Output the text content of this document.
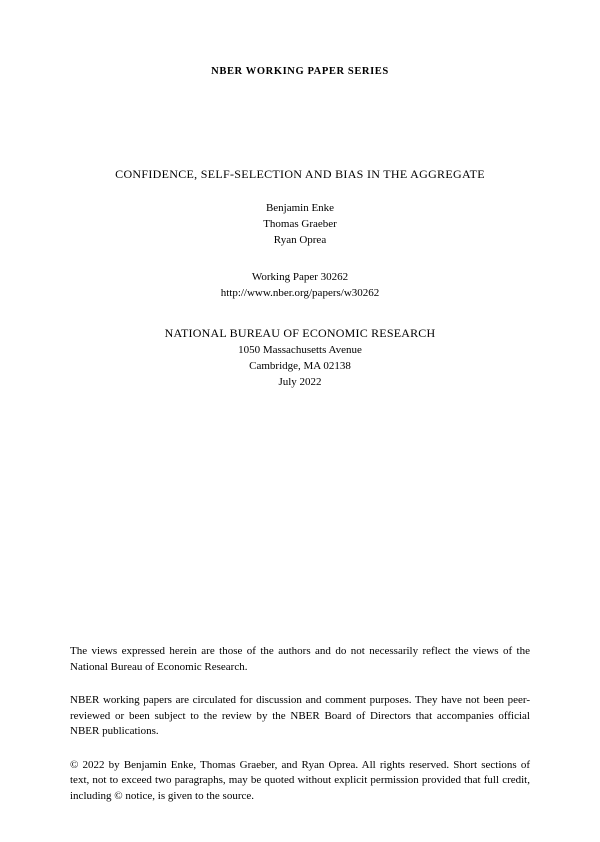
NBER WORKING PAPER SERIES
CONFIDENCE, SELF-SELECTION AND BIAS IN THE AGGREGATE
Benjamin Enke
Thomas Graeber
Ryan Oprea
Working Paper 30262
http://www.nber.org/papers/w30262
NATIONAL BUREAU OF ECONOMIC RESEARCH
1050 Massachusetts Avenue
Cambridge, MA 02138
July 2022

The views expressed herein are those of the authors and do not necessarily reflect the views of the National Bureau of Economic Research.

NBER working papers are circulated for discussion and comment purposes. They have not been peer-reviewed or been subject to the review by the NBER Board of Directors that accompanies official NBER publications.

© 2022 by Benjamin Enke, Thomas Graeber, and Ryan Oprea. All rights reserved. Short sections of text, not to exceed two paragraphs, may be quoted without explicit permission provided that full credit, including © notice, is given to the source.
